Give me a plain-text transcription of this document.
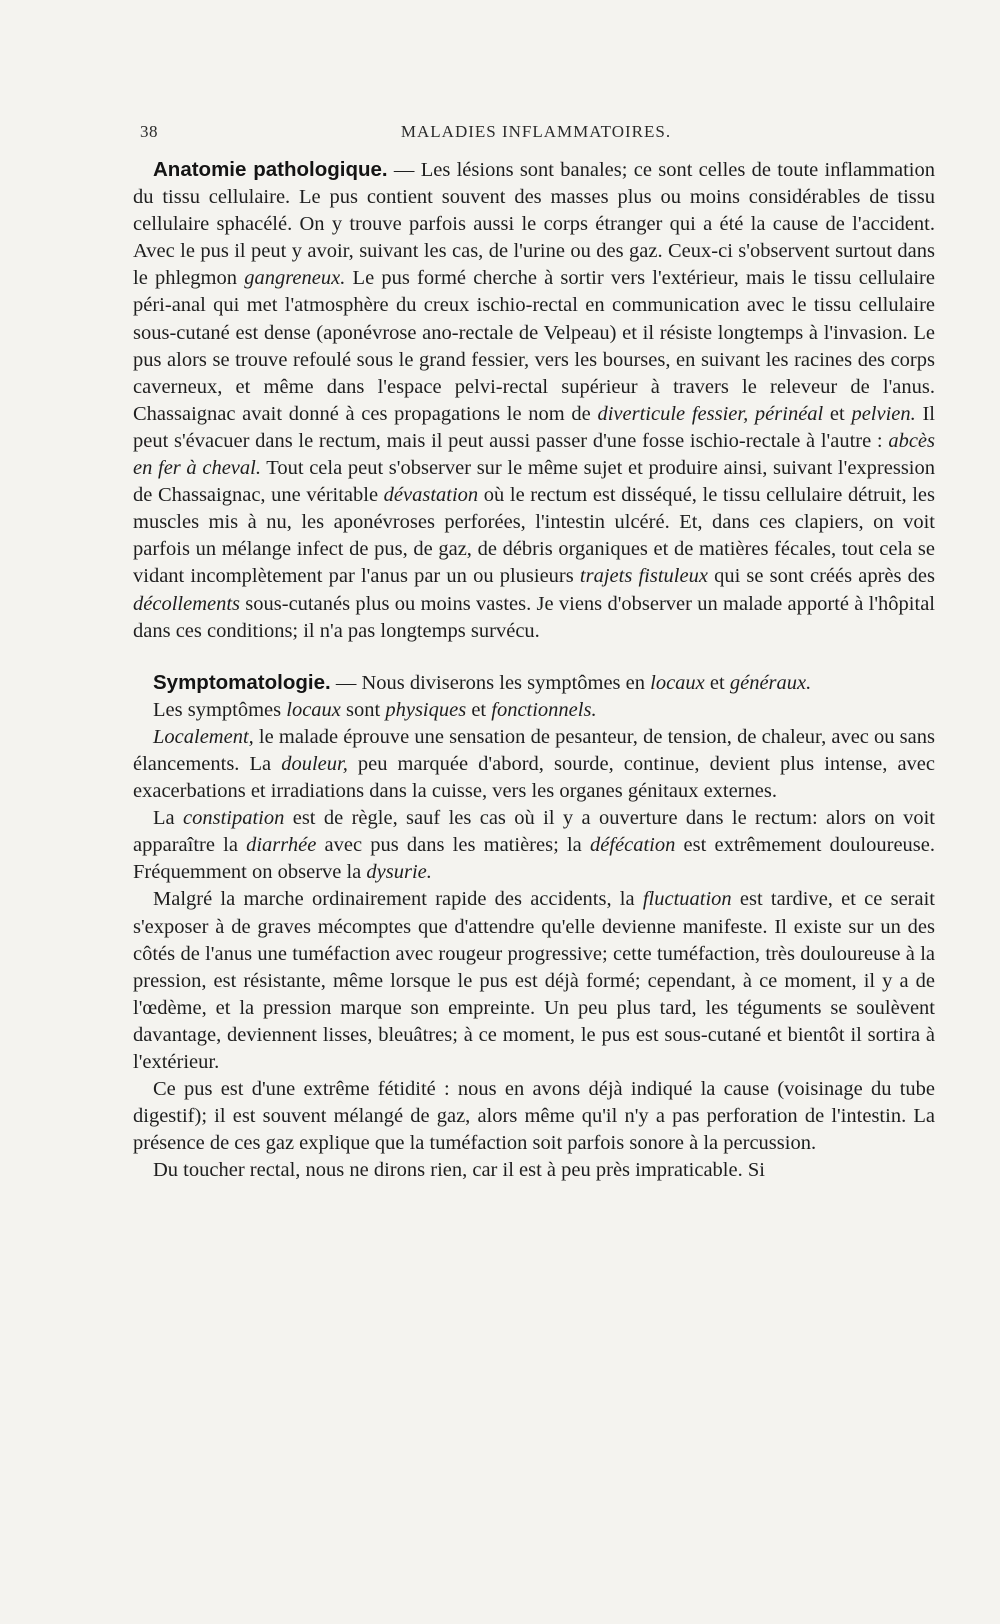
38	MALADIES INFLAMMATOIRES.

Anatomie pathologique. — Les lésions sont banales; ce sont celles de toute inflammation du tissu cellulaire. Le pus contient souvent des masses plus ou moins considérables de tissu cellulaire sphacélé. On y trouve parfois aussi le corps étranger qui a été la cause de l'accident. Avec le pus il peut y avoir, suivant les cas, de l'urine ou des gaz. Ceux-ci s'observent surtout dans le phlegmon gangreneux. Le pus formé cherche à sortir vers l'extérieur, mais le tissu cellulaire péri-anal qui met l'atmosphère du creux ischio-rectal en communication avec le tissu cellulaire sous-cutané est dense (aponévrose ano-rectale de Velpeau) et il résiste longtemps à l'invasion. Le pus alors se trouve refoulé sous le grand fessier, vers les bourses, en suivant les racines des corps caverneux, et même dans l'espace pelvi-rectal supérieur à travers le releveur de l'anus. Chassaignac avait donné à ces propagations le nom de diverticule fessier, périnéal et pelvien. Il peut s'évacuer dans le rectum, mais il peut aussi passer d'une fosse ischio-rectale à l'autre : abcès en fer à cheval. Tout cela peut s'observer sur le même sujet et produire ainsi, suivant l'expression de Chassaignac, une véritable dévastation où le rectum est disséqué, le tissu cellulaire détruit, les muscles mis à nu, les aponévroses perforées, l'intestin ulcéré. Et, dans ces clapiers, on voit parfois un mélange infect de pus, de gaz, de débris organiques et de matières fécales, tout cela se vidant incomplètement par l'anus par un ou plusieurs trajets fistuleux qui se sont créés après des décollements sous-cutanés plus ou moins vastes. Je viens d'observer un malade apporté à l'hôpital dans ces conditions; il n'a pas longtemps survécu.

Symptomatologie. — Nous diviserons les symptômes en locaux et généraux.

Les symptômes locaux sont physiques et fonctionnels.

Localement, le malade éprouve une sensation de pesanteur, de tension, de chaleur, avec ou sans élancements. La douleur, peu marquée d'abord, sourde, continue, devient plus intense, avec exacerbations et irradiations dans la cuisse, vers les organes génitaux externes.

La constipation est de règle, sauf les cas où il y a ouverture dans le rectum: alors on voit apparaître la diarrhée avec pus dans les matières; la défécation est extrêmement douloureuse. Fréquemment on observe la dysurie.

Malgré la marche ordinairement rapide des accidents, la fluctuation est tardive, et ce serait s'exposer à de graves mécomptes que d'attendre qu'elle devienne manifeste. Il existe sur un des côtés de l'anus une tuméfaction avec rougeur progressive; cette tuméfaction, très douloureuse à la pression, est résistante, même lorsque le pus est déjà formé; cependant, à ce moment, il y a de l'œdème, et la pression marque son empreinte. Un peu plus tard, les téguments se soulèvent davantage, deviennent lisses, bleuâtres; à ce moment, le pus est sous-cutané et bientôt il sortira à l'extérieur.

Ce pus est d'une extrême fétidité : nous en avons déjà indiqué la cause (voisinage du tube digestif); il est souvent mélangé de gaz, alors même qu'il n'y a pas perforation de l'intestin. La présence de ces gaz explique que la tuméfaction soit parfois sonore à la percussion.

Du toucher rectal, nous ne dirons rien, car il est à peu près impraticable. Si
